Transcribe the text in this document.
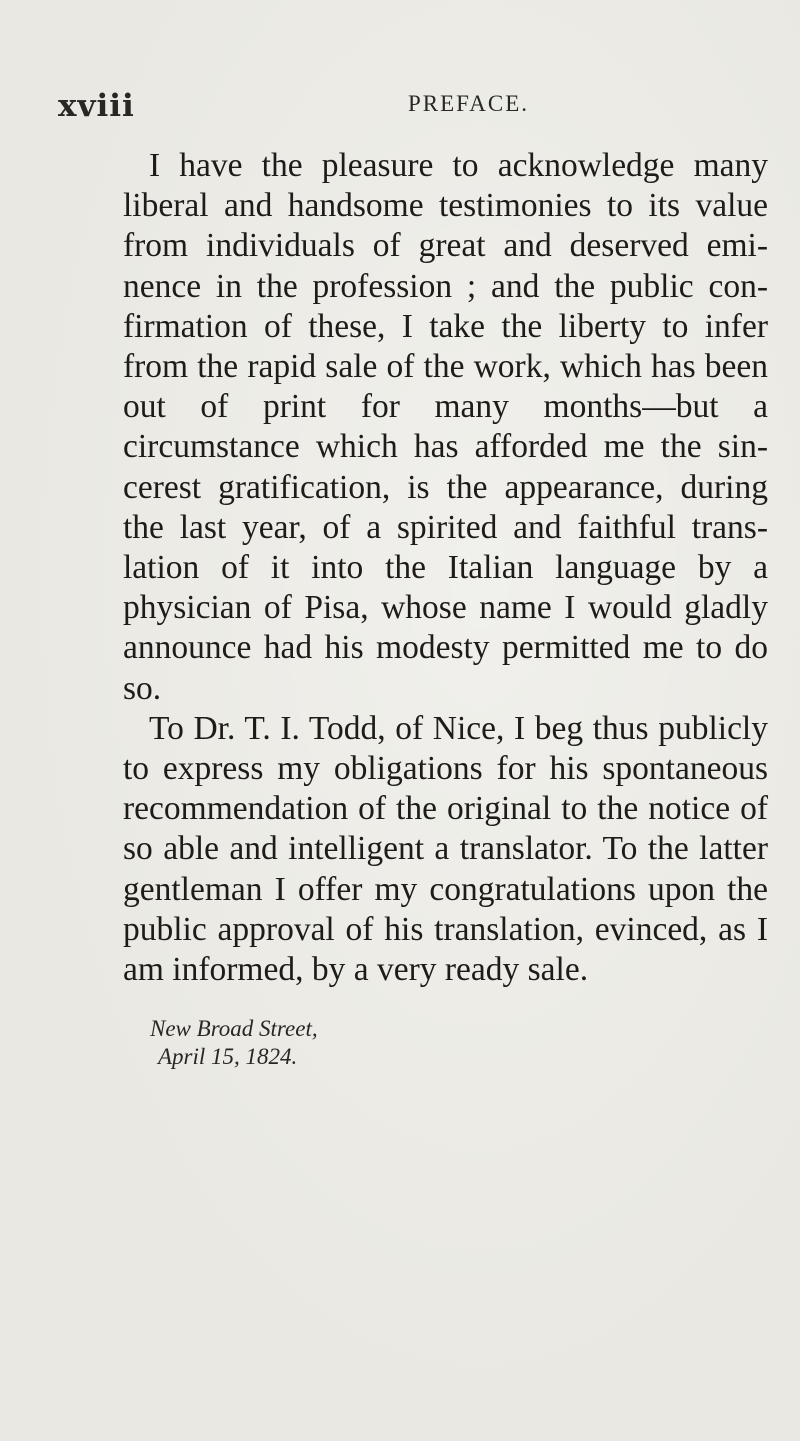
xviii	PREFACE.

I have the pleasure to acknowledge many liberal and handsome testimonies to its value from individuals of great and deserved emi- nence in the profession ; and the public con- firmation of these, I take the liberty to infer from the rapid sale of the work, which has been out of print for many months—but a circumstance which has afforded me the sin- cerest gratification, is the appearance, during the last year, of a spirited and faithful trans- lation of it into the Italian language by a physician of Pisa, whose name I would gladly announce had his modesty permitted me to do so.

To Dr. T. I. Todd, of Nice, I beg thus publicly to express my obligations for his spontaneous recommendation of the original to the notice of so able and intelligent a translator. To the latter gentleman I offer my congratulations upon the public approval of his translation, evinced, as I am informed, by a very ready sale.

New Broad Street,
April 15, 1824.
